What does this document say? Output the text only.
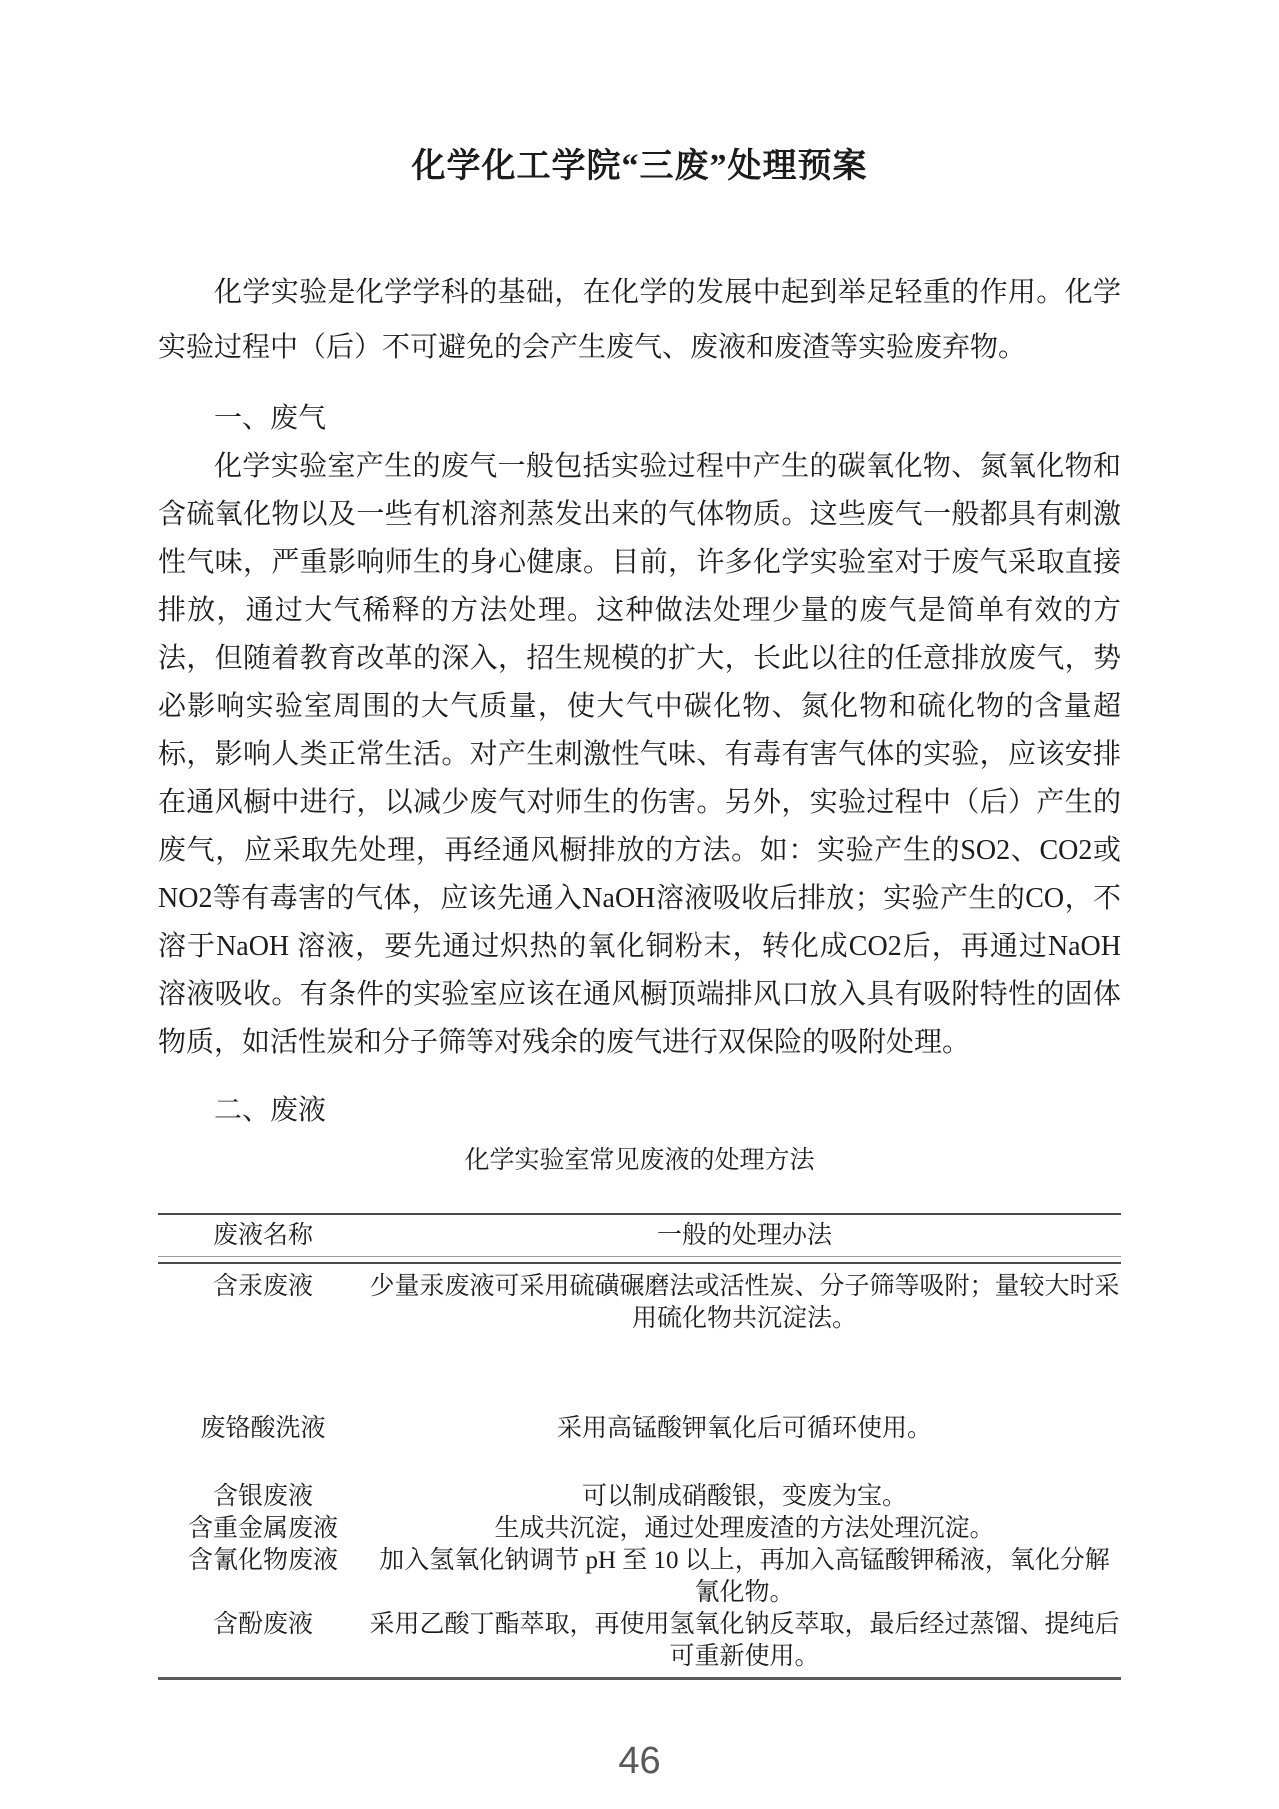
化学化工学院“三废”处理预案

化学实验是化学学科的基础，在化学的发展中起到举足轻重的作用。化学实验过程中（后）不可避免的会产生废气、废液和废渣等实验废弃物。

一、废气

化学实验室产生的废气一般包括实验过程中产生的碳氧化物、氮氧化物和含硫氧化物以及一些有机溶剂蒸发出来的气体物质。这些废气一般都具有刺激性气味，严重影响师生的身心健康。目前，许多化学实验室对于废气采取直接排放，通过大气稀释的方法处理。这种做法处理少量的废气是简单有效的方法，但随着教育改革的深入，招生规模的扩大，长此以往的任意排放废气，势必影响实验室周围的大气质量，使大气中碳化物、氮化物和硫化物的含量超标，影响人类正常生活。对产生刺激性气味、有毒有害气体的实验，应该安排在通风橱中进行，以减少废气对师生的伤害。另外，实验过程中（后）产生的废气，应采取先处理，再经通风橱排放的方法。如：实验产生的SO2、CO2或NO2等有毒害的气体，应该先通入NaOH溶液吸收后排放；实验产生的CO，不溶于NaOH 溶液，要先通过炽热的氧化铜粉末，转化成CO2后，再通过NaOH 溶液吸收。有条件的实验室应该在通风橱顶端排风口放入具有吸附特性的固体物质，如活性炭和分子筛等对残余的废气进行双保险的吸附处理。

二、废液
化学实验室常见废液的处理方法
废液名称	一般的处理办法
含汞废液	少量汞废液可采用硫磺碾磨法或活性炭、分子筛等吸附；量较大时采用硫化物共沉淀法。
废铬酸洗液	采用高锰酸钾氧化后可循环使用。
含银废液	可以制成硝酸银，变废为宝。
含重金属废液	生成共沉淀，通过处理废渣的方法处理沉淀。
含氰化物废液	加入氢氧化钠调节 pH 至 10 以上，再加入高锰酸钾稀液，氧化分解氰化物。
含酚废液	采用乙酸丁酯萃取，再使用氢氧化钠反萃取，最后经过蒸馏、提纯后可重新使用。
46
